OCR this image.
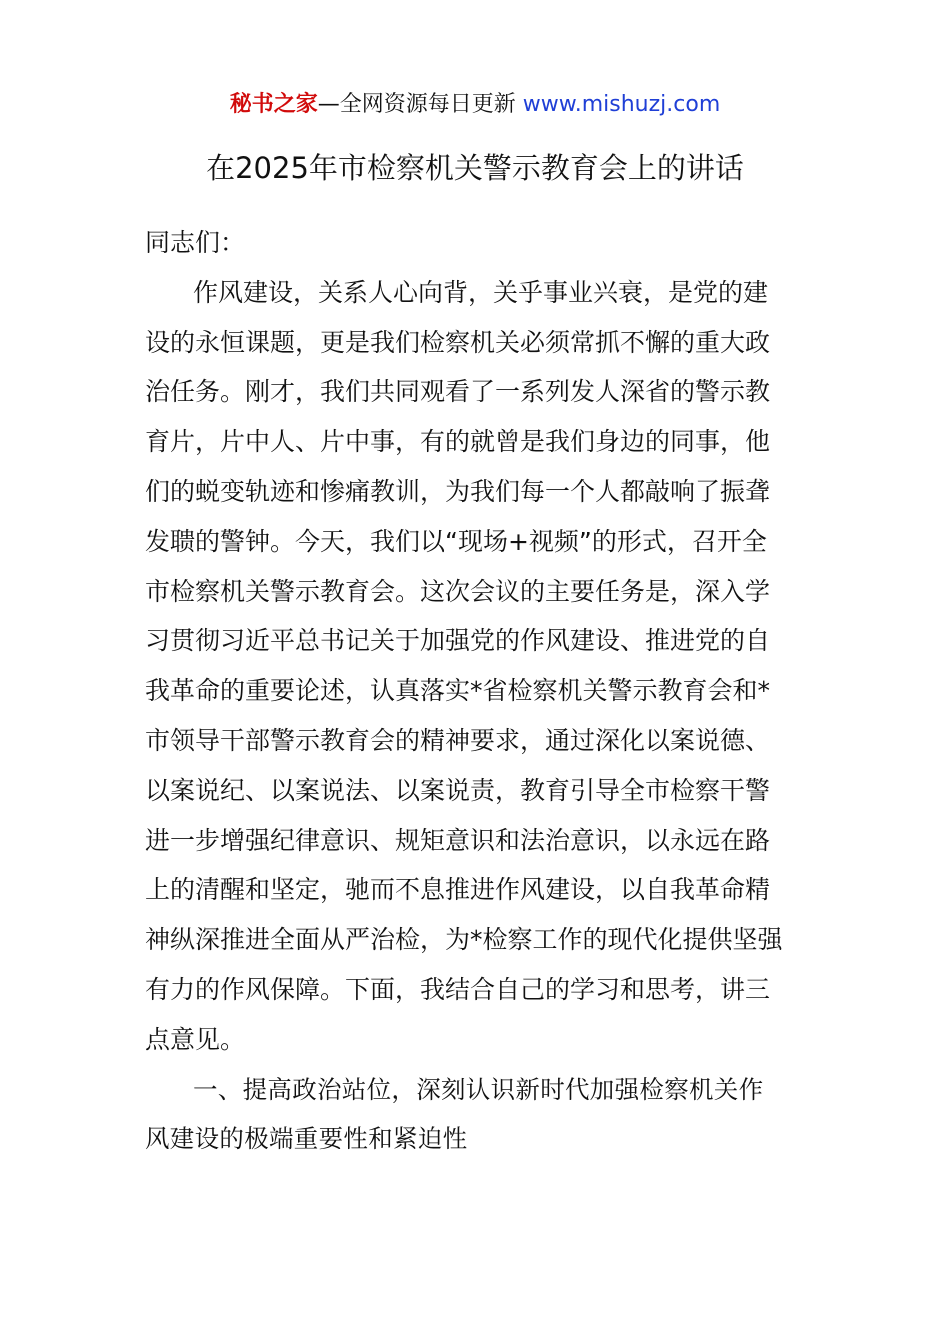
秘书之家—全网资源每日更新 www.mishuzj.com
在2025年市检察机关警示教育会上的讲话
同志们：
作风建设，关系人心向背，关乎事业兴衰，是党的建
设的永恒课题，更是我们检察机关必须常抓不懈的重大政
治任务。刚才，我们共同观看了一系列发人深省的警示教
育片，片中人、片中事，有的就曾是我们身边的同事，他
们的蜕变轨迹和惨痛教训，为我们每一个人都敲响了振聋
发聩的警钟。今天，我们以“现场+视频”的形式，召开全
市检察机关警示教育会。这次会议的主要任务是，深入学
习贯彻习近平总书记关于加强党的作风建设、推进党的自
我革命的重要论述，认真落实*省检察机关警示教育会和*
市领导干部警示教育会的精神要求，通过深化以案说德、
以案说纪、以案说法、以案说责，教育引导全市检察干警
进一步增强纪律意识、规矩意识和法治意识，以永远在路
上的清醒和坚定，驰而不息推进作风建设，以自我革命精
神纵深推进全面从严治检，为*检察工作的现代化提供坚强
有力的作风保障。下面，我结合自己的学习和思考，讲三
点意见。
一、提高政治站位，深刻认识新时代加强检察机关作
风建设的极端重要性和紧迫性
